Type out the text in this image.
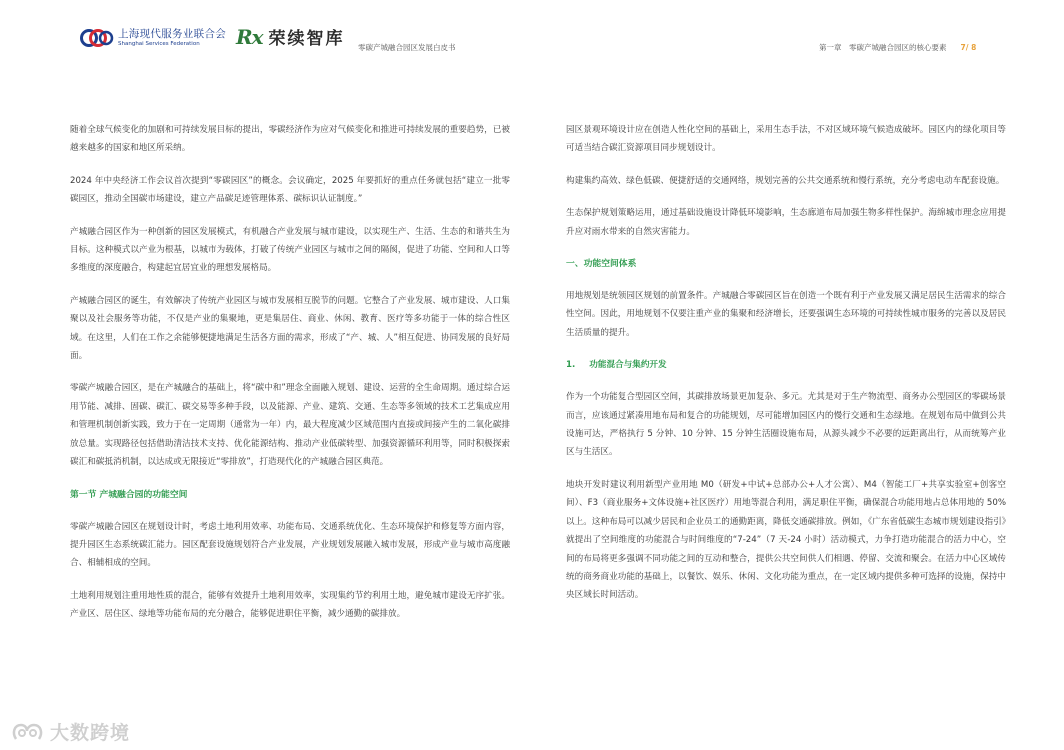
上海现代服务业联合会
Shanghai Services Federation	Rx 荣续智库 零碳产城融合园区发展白皮书	第一章　零碳产城融合园区的核心要素 7/ 8

随着全球气候变化的加剧和可持续发展目标的提出，零碳经济作为应对气候变化和推进可持续发展的重要趋势，已被越来越多的国家和地区所采纳。

2024 年中央经济工作会议首次提到“零碳园区”的概念。会议确定，2025 年要抓好的重点任务就包括“建立一批零碳园区，推动全国碳市场建设，建立产品碳足迹管理体系、碳标识认证制度。”

产城融合园区作为一种创新的园区发展模式，有机融合产业发展与城市建设，以实现生产、生活、生态的和谐共生为目标。这种模式以产业为根基，以城市为载体，打破了传统产业园区与城市之间的隔阂，促进了功能、空间和人口等多维度的深度融合，构建起宜居宜业的理想发展格局。

产城融合园区的诞生，有效解决了传统产业园区与城市发展相互脱节的问题。它整合了产业发展、城市建设、人口集聚以及社会服务等功能，不仅是产业的集聚地，更是集居住、商业、休闲、教育、医疗等多功能于一体的综合性区域。在这里，人们在工作之余能够便捷地满足生活各方面的需求，形成了“产、城、人”相互促进、协同发展的良好局面。

零碳产城融合园区，是在产城融合的基础上，将“碳中和”理念全面融入规划、建设、运营的全生命周期。通过综合运用节能、减排、固碳、碳汇、碳交易等多种手段，以及能源、产业、建筑、交通、生态等多领域的技术工艺集成应用和管理机制创新实践，致力于在一定周期（通常为一年）内，最大程度减少区域范围内直接或间接产生的二氧化碳排放总量。实现路径包括借助清洁技术支持、优化能源结构、推动产业低碳转型、加强资源循环利用等，同时积极探索碳汇和碳抵消机制，以达成或无限接近“零排放”，打造现代化的产城融合园区典范。

第一节 产城融合园的功能空间

零碳产城融合园区在规划设计时，考虑土地利用效率、功能布局、交通系统优化、生态环境保护和修复等方面内容，提升园区生态系统碳汇能力。园区配套设施规划符合产业发展，产业规划发展融入城市发展，形成产业与城市高度融合、相辅相成的空间。

土地利用规划注重用地性质的混合，能够有效提升土地利用效率，实现集约节约利用土地，避免城市建设无序扩张。产业区、居住区、绿地等功能布局的充分融合，能够促进职住平衡，减少通勤的碳排放。

园区景观环境设计应在创造人性化空间的基础上，采用生态手法，不对区域环境气候造成破坏。园区内的绿化项目等可适当结合碳汇资源项目同步规划设计。

构建集约高效、绿色低碳、便捷舒适的交通网络，规划完善的公共交通系统和慢行系统，充分考虑电动车配套设施。

生态保护规划策略运用，通过基础设施设计降低环境影响，生态廊道布局加强生物多样性保护。海绵城市理念应用提升应对雨水带来的自然灾害能力。

一、功能空间体系

用地规划是统领园区规划的前置条件。产城融合零碳园区旨在创造一个既有利于产业发展又满足居民生活需求的综合性空间。因此，用地规划不仅要注重产业的集聚和经济增长，还要强调生态环境的可持续性城市服务的完善以及居民生活质量的提升。

1. 功能混合与集约开发

作为一个功能复合型园区空间，其碳排放场景更加复杂、多元。尤其是对于生产物流型、商务办公型园区的零碳场景而言，应该通过紧凑用地布局和复合的功能规划，尽可能增加园区内的慢行交通和生态绿地。在规划布局中做到公共设施可达，严格执行 5 分钟、10 分钟、15 分钟生活圈设施布局，从源头减少不必要的远距离出行，从而统筹产业区与生活区。

地块开发时建议利用新型产业用地 M0（研发+中试+总部办公+人才公寓）、M4（智能工厂+共享实验室+创客空间）、F3（商业服务+文体设施+社区医疗）用地等混合利用，满足职住平衡，确保混合功能用地占总体用地的 50%以上。这种布局可以减少居民和企业员工的通勤距离，降低交通碳排放。例如，《广东省低碳生态城市规划建设指引》就提出了空间维度的功能混合与时间维度的“7-24”（7 天-24 小时）活动模式，力争打造功能混合的活力中心，空间的布局将更多强调不同功能之间的互动和整合，提供公共空间供人们相遇、停留、交流和聚会。在活力中心区域传统的商务商业功能的基础上，以餐饮、娱乐、休闲、文化功能为重点，在一定区域内提供多种可选择的设施，保持中央区域长时间活动。

大数跨境
